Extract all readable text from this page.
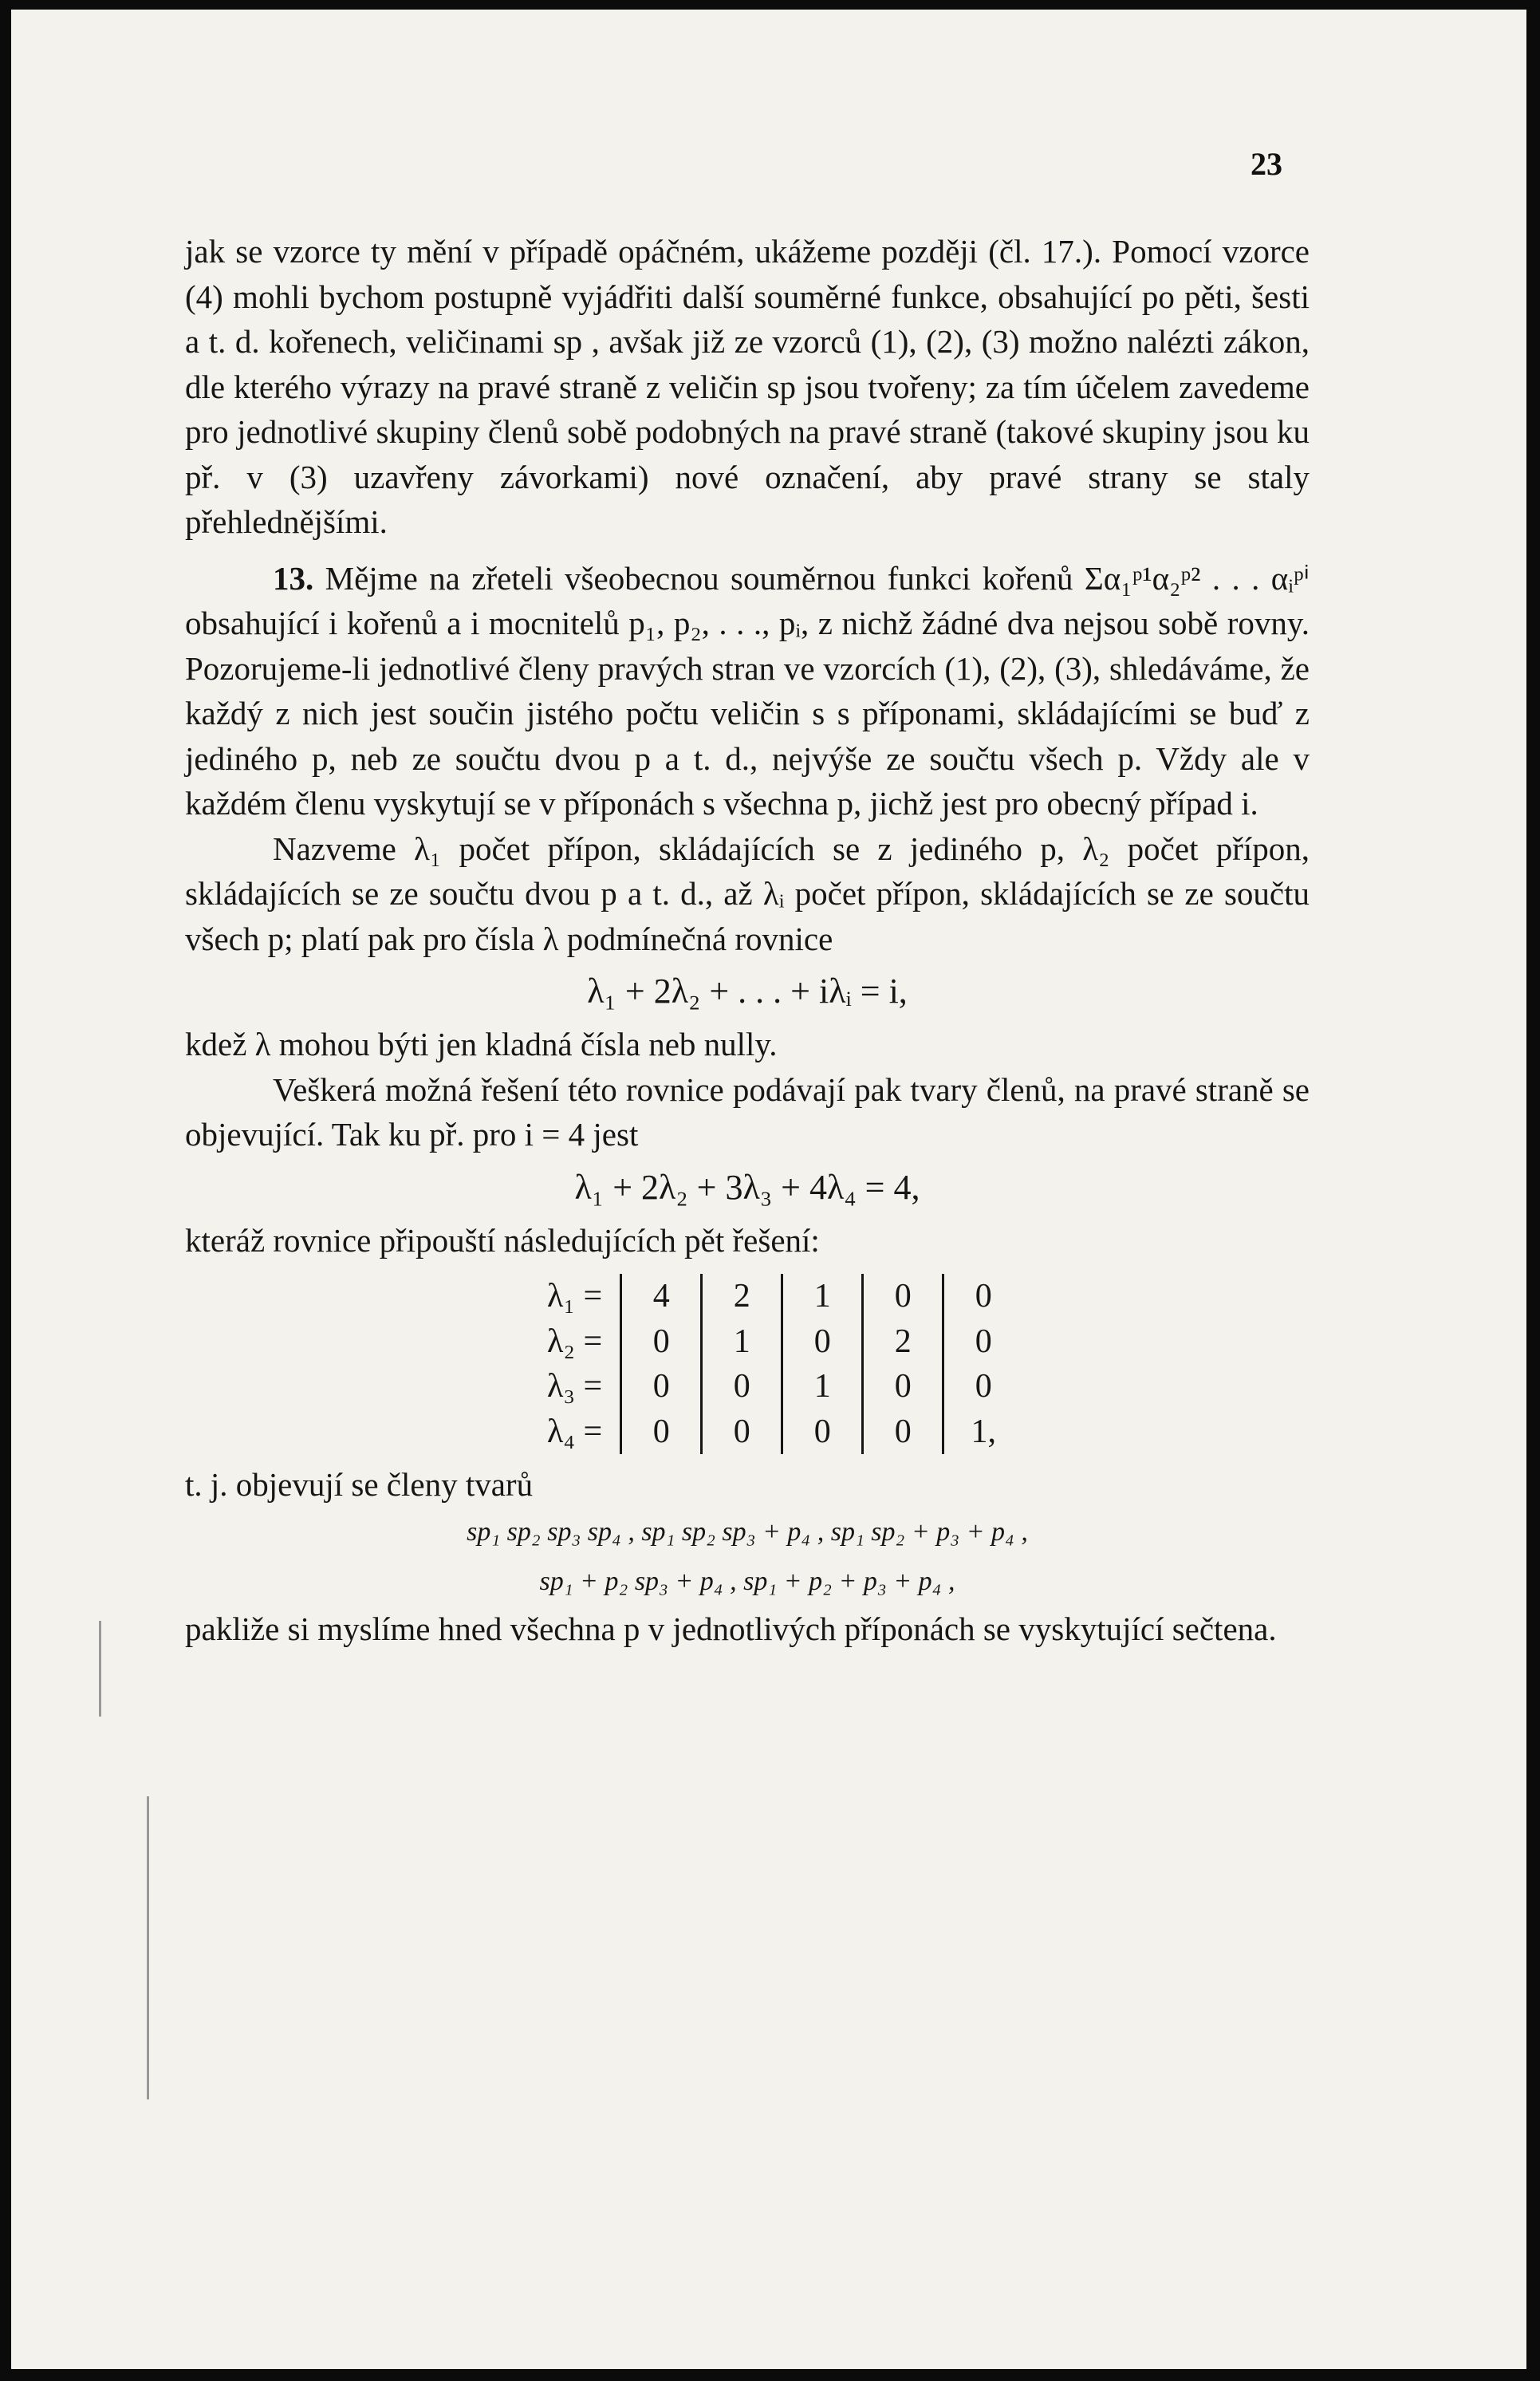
23

jak se vzorce ty mění v případě opáčném, ukážeme později (čl. 17.). Pomocí vzorce (4) mohli bychom postupně vyjádřiti další souměrné funkce, obsahující po pěti, šesti a t. d. kořenech, veličinami sp , avšak již ze vzorců (1), (2), (3) možno nalézti zákon, dle kterého výrazy na pravé straně z veličin sp jsou tvořeny; za tím účelem zavedeme pro jednotlivé skupiny členů sobě podobných na pravé straně (takové skupiny jsou ku př. v (3) uzavřeny závorkami) nové označení, aby pravé strany se staly přehlednějšími.

13. Mějme na zřeteli všeobecnou souměrnou funkci kořenů Σα₁ᵖ¹α₂ᵖ² . . . αᵢᵖⁱ obsahující i kořenů a i mocnitelů p₁, p₂, . . ., pᵢ, z nichž žádné dva nejsou sobě rovny. Pozorujeme-li jednotlivé členy pravých stran ve vzorcích (1), (2), (3), shledáváme, že každý z nich jest součin jistého počtu veličin s s příponami, skládajícími se buď z jediného p, neb ze součtu dvou p a t. d., nejvýše ze součtu všech p. Vždy ale v každém členu vyskytují se v příponách s všechna p, jichž jest pro obecný případ i.

Nazveme λ₁ počet přípon, skládajících se z jediného p, λ₂ počet přípon, skládajících se ze součtu dvou p a t. d., až λᵢ počet přípon, skládajících se ze součtu všech p; platí pak pro čísla λ podmínečná rovnice

λ₁ + 2λ₂ + . . . + iλᵢ = i,

kdež λ mohou býti jen kladná čísla neb nully.

Veškerá možná řešení této rovnice podávají pak tvary členů, na pravé straně se objevující. Tak ku př. pro i = 4 jest

λ₁ + 2λ₂ + 3λ₃ + 4λ₄ = 4,

kteráž rovnice připouští následujících pět řešení:

λ₁ =	4	2	1	0	0
λ₂ =	0	1	0	2	0
λ₃ =	0	0	1	0	0
λ₄ =	0	0	0	0	1,

t. j. objevují se členy tvarů

sp₁ sp₂ sp₃ sp₄ , sp₁ sp₂ sp₃ + p₄ , sp₁ sp₂ + p₃ + p₄ ,
sp₁ + p₂ sp₃ + p₄ , sp₁ + p₂ + p₃ + p₄ ,

pakliže si myslíme hned všechna p v jednotlivých příponách se vyskytující sečtena.
